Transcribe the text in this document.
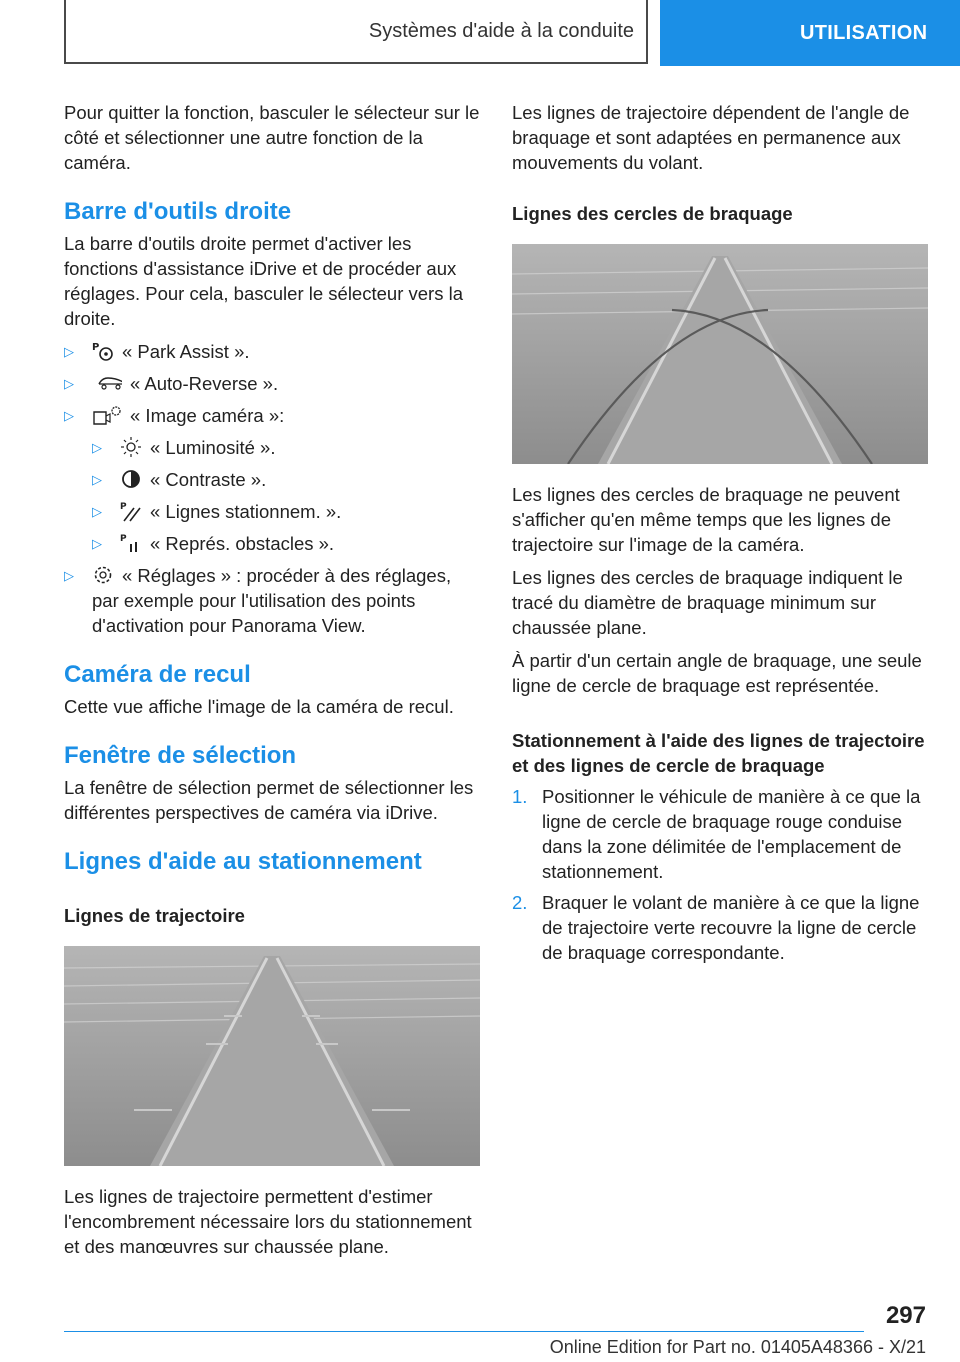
Systèmes d'aide à la conduite	UTILISATION

Pour quitter la fonction, basculer le sélecteur sur le côté et sélectionner une autre fonction de la caméra.

Barre d'outils droite

La barre d'outils droite permet d'activer les fonctions d'assistance iDrive et de procéder aux réglages. Pour cela, basculer le sélecteur vers la droite.

▷ P « Park Assist ».
▷	« Auto-Reverse ».
▷	« Image caméra »:
▷	« Luminosité ».
▷	« Contraste ».
▷ P « Lignes stationnem. ».
▷ P « Représ. obstacles ».
▷	« Réglages » : procéder à des réglages, par exemple pour l'utilisation des points d'activation pour Panorama View.
Caméra de recul

Cette vue affiche l'image de la caméra de recul.

Fenêtre de sélection

La fenêtre de sélection permet de sélectionner les différentes perspectives de caméra via iDrive.

Lignes d'aide au stationnement
Lignes de trajectoire

Les lignes de trajectoire permettent d'estimer l'encombrement nécessaire lors du stationnement et des manœuvres sur chaussée plane.

Les lignes de trajectoire dépendent de l'angle de braquage et sont adaptées en permanence aux mouvements du volant.

Lignes des cercles de braquage

Les lignes des cercles de braquage ne peuvent s'afficher qu'en même temps que les lignes de trajectoire sur l'image de la caméra.

Les lignes des cercles de braquage indiquent le tracé du diamètre de braquage minimum sur chaussée plane.

À partir d'un certain angle de braquage, une seule ligne de cercle de braquage est représentée.

Stationnement à l'aide des lignes de trajectoire et des lignes de cercle de braquage
1. Positionner le véhicule de manière à ce que la ligne de cercle de braquage rouge conduise dans la zone délimitée de l'emplacement de stationnement.
2. Braquer le volant de manière à ce que la ligne de trajectoire verte recouvre la ligne de cercle de braquage correspondante.
297
Online Edition for Part no. 01405A48366 - X/21
